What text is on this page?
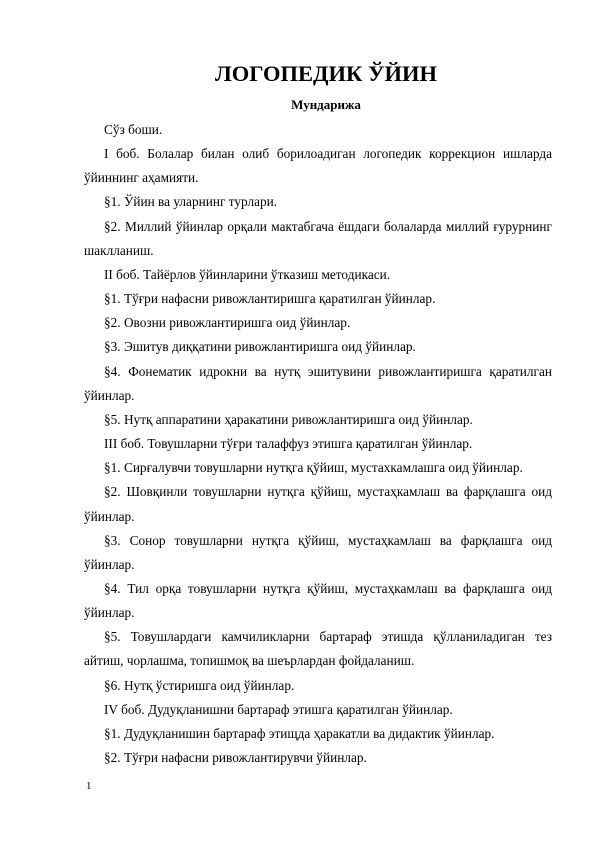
ЛОГОПЕДИК ЎЙИН
Мундарижа
Сўз боши.
I боб. Болалар билан олиб борилоадиган логопедик коррекцион ишларда ўйиннинг аҳамияти.
§1. Ўйин ва уларнинг турлари.
§2. Миллий ўйинлар орқали мактабгача ёшдаги болаларда миллий ғурурнинг шаклланиш.
II боб. Тайёрлов ўйинларини ўтказиш методикаси.
§1. Тўғри нафасни ривожлантиришга қаратилган ўйинлар.
§2. Овозни ривожлантиришга оид ўйинлар.
§3. Эшитув диққатини ривожлантиришга оид ўйинлар.
§4. Фонематик идрокни ва нутқ эшитувини ривожлантиришга қаратилган ўйинлар.
§5. Нутқ аппаратини ҳаракатини ривожлантиришга оид ўйинлар.
III боб. Товушларни тўғри талаффуз этишга қаратилган ўйинлар.
§1. Сирғалувчи товушларни нутқга қўйиш, мустахкамлашга оид ўйинлар.
§2. Шовқинли товушларни нутқга қўйиш, мустаҳкамлаш ва фарқлашга оид ўйинлар.
§3. Сонор товушларни нутқга қўйиш, мустаҳкамлаш ва фарқлашга оид ўйинлар.
§4. Тил орқа товушларни нутқга қўйиш, мустаҳкамлаш ва фарқлашга оид ўйинлар.
§5. Товушлардаги камчиликларни бартараф этишда қўлланиладиган тез айтиш, чорлашма, топишмоқ ва шеърлардан фойдаланиш.
§6. Нутқ ўстиришга оид ўйинлар.
IV боб. Дудуқланишни бартараф этишга қаратилган ўйинлар.
§1. Дудуқланишин бартараф этищда ҳаракатли ва дидактик ўйинлар.
§2. Тўғри нафасни ривожлантирувчи ўйинлар.
1
